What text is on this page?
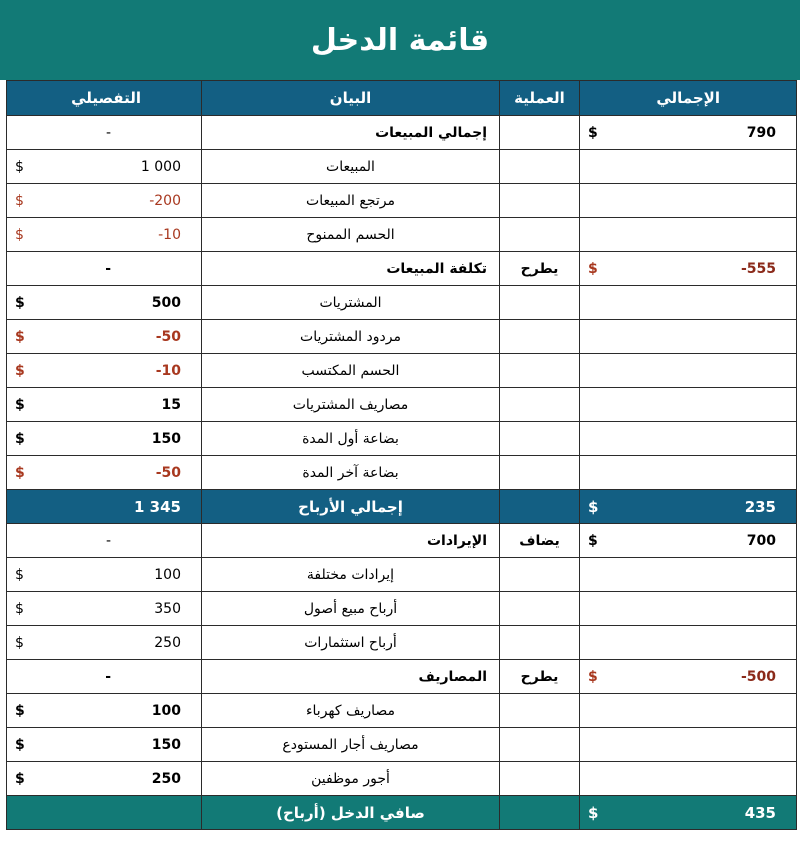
قائمة الدخل
التفصيلي	البيان	العملية	الإجمالي
-	إجمالي المبيعات		$ 790

$ 1 000	المبيعات		

$ -200	مرتجع المبيعات		

$ -10	الحسم الممنوح		
-	تكلفة المبيعات	يطرح	$ -555

$ 500	المشتريات		

$ -50	مردود المشتريات		

$ -10	الحسم المكتسب		

$ 15	مصاريف المشتريات		

$ 150	بضاعة أول المدة		

$ -50	بضاعة آخر المدة		

1 345	إجمالي الأرباح		$ 235

-	الإيرادات	يضاف	$ 700

$ 100	إيرادات مختلفة		

$ 350	أرباح مبيع أصول		

$ 250	أرباح استثمارات		
-	المصاريف	يطرح	$ -500

$ 100	مصاريف كهرباء		

$ 150	مصاريف أجار المستودع		

$ 250	أجور موظفين		
	صافي الدخل (أرباح)		$ 435
